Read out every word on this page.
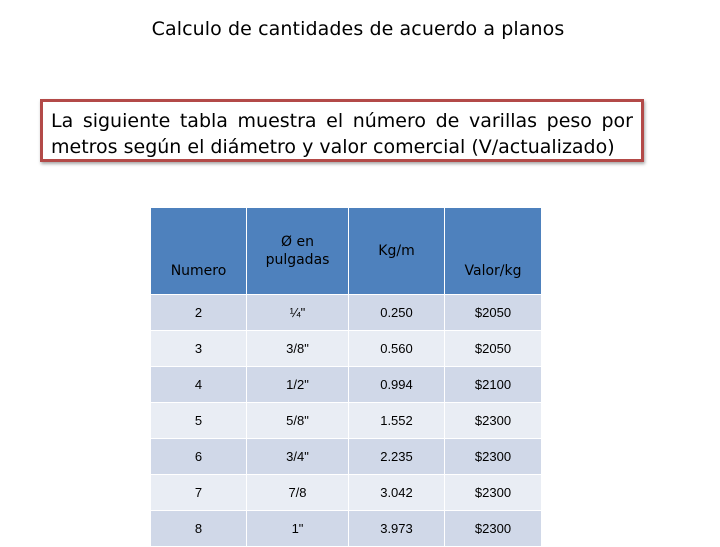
Calculo de cantidades de acuerdo a planos
La siguiente tabla muestra el número de varillas peso por metros según el diámetro y valor comercial (V/actualizado)
Numero	Ø en pulgadas	Kg/m	Valor/kg
2	¼"	0.250	$2050
3	3/8"	0.560	$2050
4	1/2"	0.994	$2100
5	5/8"	1.552	$2300
6	3/4"	2.235	$2300
7	7/8	3.042	$2300
8	1"	3.973	$2300
